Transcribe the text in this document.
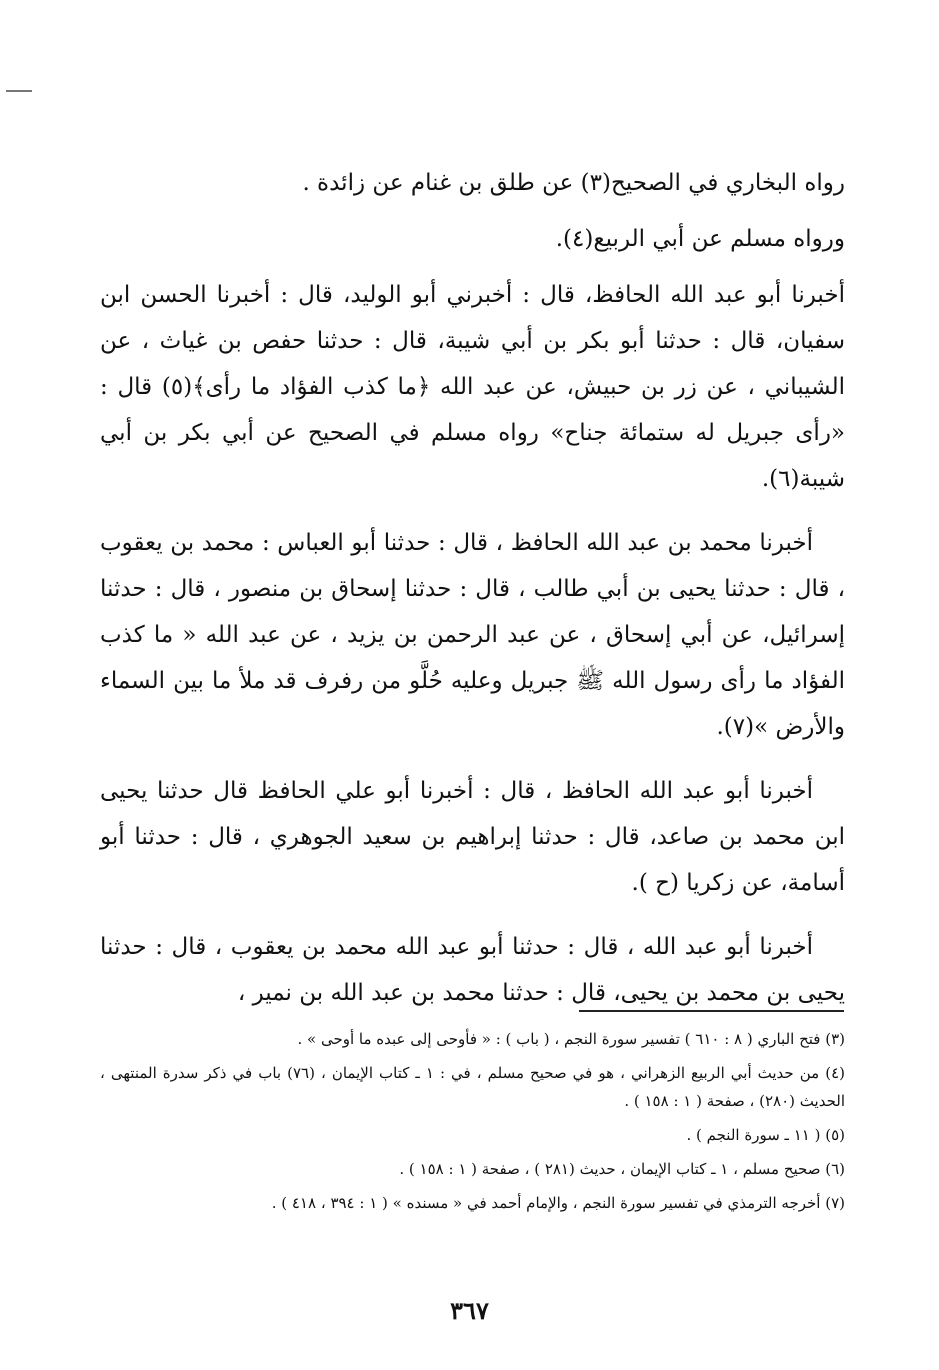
رواه البخاري في الصحيح(٣) عن طلق بن غنام عن زائدة .

ورواه مسلم عن أبي الربيع(٤).

أخبرنا أبو عبد الله الحافظ، قال : أخبرني أبو الوليد، قال : أخبرنا الحسن ابن سفيان، قال : حدثنا أبو بكر بن أبي شيبة، قال : حدثنا حفص بن غياث ، عن الشيباني ، عن زر بن حبيش، عن عبد الله ﴿ما كذب الفؤاد ما رأى﴾(٥) قال : «رأى جبريل له ستمائة جناح» رواه مسلم في الصحيح عن أبي بكر بن أبي شيبة(٦).

أخبرنا محمد بن عبد الله الحافظ ، قال : حدثنا أبو العباس : محمد بن يعقوب ، قال : حدثنا يحيى بن أبي طالب ، قال : حدثنا إسحاق بن منصور ، قال : حدثنا إسرائيل، عن أبي إسحاق ، عن عبد الرحمن بن يزيد ، عن عبد الله « ما كذب الفؤاد ما رأى رسول الله ﷺ جبريل وعليه حُلَّو من رفرف قد ملأ ما بين السماء والأرض »(٧).

أخبرنا أبو عبد الله الحافظ ، قال : أخبرنا أبو علي الحافظ قال حدثنا يحيى ابن محمد بن صاعد، قال : حدثنا إبراهيم بن سعيد الجوهري ، قال : حدثنا أبو أسامة، عن زكريا (ح ).

أخبرنا أبو عبد الله ، قال : حدثنا أبو عبد الله محمد بن يعقوب ، قال : حدثنا يحيى بن محمد بن يحيى، قال : حدثنا محمد بن عبد الله بن نمير ،

(٣) فتح الباري ( ٨ : ٦١٠ ) تفسير سورة النجم ، ( باب ) : « فأوحى إلى عبده ما أوحى » .

(٤) من حديث أبي الربيع الزهراني ، هو في صحيح مسلم ، في : ١ ـ كتاب الإيمان ، (٧٦) باب في ذكر سدرة المنتهى ، الحديث (٢٨٠) ، صفحة ( ١ : ١٥٨ ) .

(٥) ( ١١ ـ سورة النجم ) .

(٦) صحيح مسلم ، ١ ـ كتاب الإيمان ، حديث (٢٨١ ) ، صفحة ( ١ : ١٥٨ ) .

(٧) أخرجه الترمذي في تفسير سورة النجم ، والإمام أحمد في « مسنده » ( ١ : ٣٩٤ ، ٤١٨ ) .

٣٦٧
